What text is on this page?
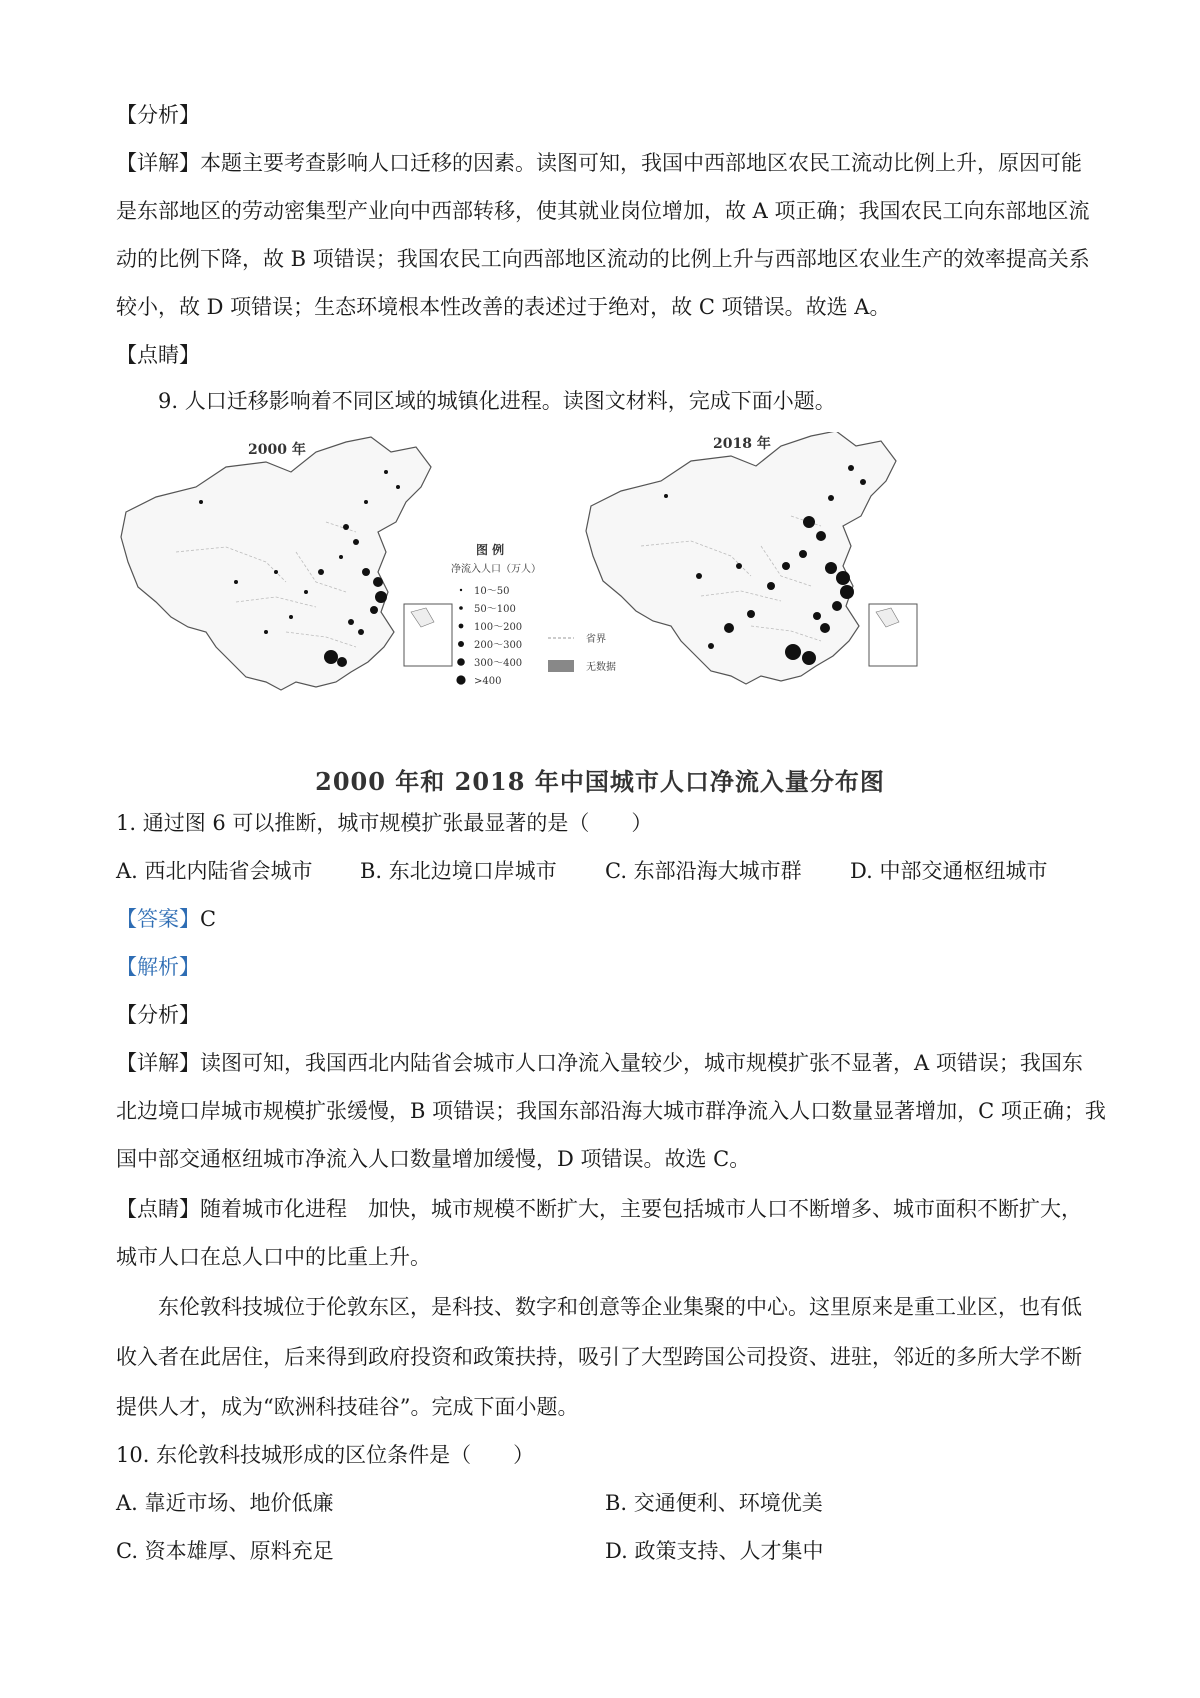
【分析】
【详解】本题主要考查影响人口迁移的因素。读图可知，我国中西部地区农民工流动比例上升，原因可能
是东部地区的劳动密集型产业向中西部转移，使其就业岗位增加，故 A 项正确；我国农民工向东部地区流
动的比例下降，故 B 项错误；我国农民工向西部地区流动的比例上升与西部地区农业生产的效率提高关系
较小，故 D 项错误；生态环境根本性改善的表述过于绝对，故 C 项错误。故选 A。
【点睛】
9. 人口迁移影响着不同区域的城镇化进程。读图文材料，完成下面小题。
2000 年
图 例
净流入人口（万人）
10～50
50～100
100～200
200～300
300～400
>400
省界
无数据
2018 年
2000 年和 2018 年中国城市人口净流入量分布图
1. 通过图 6 可以推断，城市规模扩张最显著的是（　　）
A. 西北内陆省会城市 B. 东北边境口岸城市 C. 东部沿海大城市群 D. 中部交通枢纽城市
【答案】C
【解析】
【分析】
【详解】读图可知，我国西北内陆省会城市人口净流入量较少，城市规模扩张不显著，A 项错误；我国东
北边境口岸城市规模扩张缓慢，B 项错误；我国东部沿海大城市群净流入人口数量显著增加，C 项正确；我
国中部交通枢纽城市净流入人口数量增加缓慢，D 项错误。故选 C。
【点睛】随着城市化进程　加快，城市规模不断扩大，主要包括城市人口不断增多、城市面积不断扩大，
城市人口在总人口中的比重上升。
东伦敦科技城位于伦敦东区，是科技、数字和创意等企业集聚的中心。这里原来是重工业区，也有低
收入者在此居住，后来得到政府投资和政策扶持，吸引了大型跨国公司投资、进驻，邻近的多所大学不断
提供人才，成为“欧洲科技硅谷”。完成下面小题。
10. 东伦敦科技城形成的区位条件是（　　）
A. 靠近市场、地价低廉	B. 交通便利、环境优美
C. 资本雄厚、原料充足	D. 政策支持、人才集中
